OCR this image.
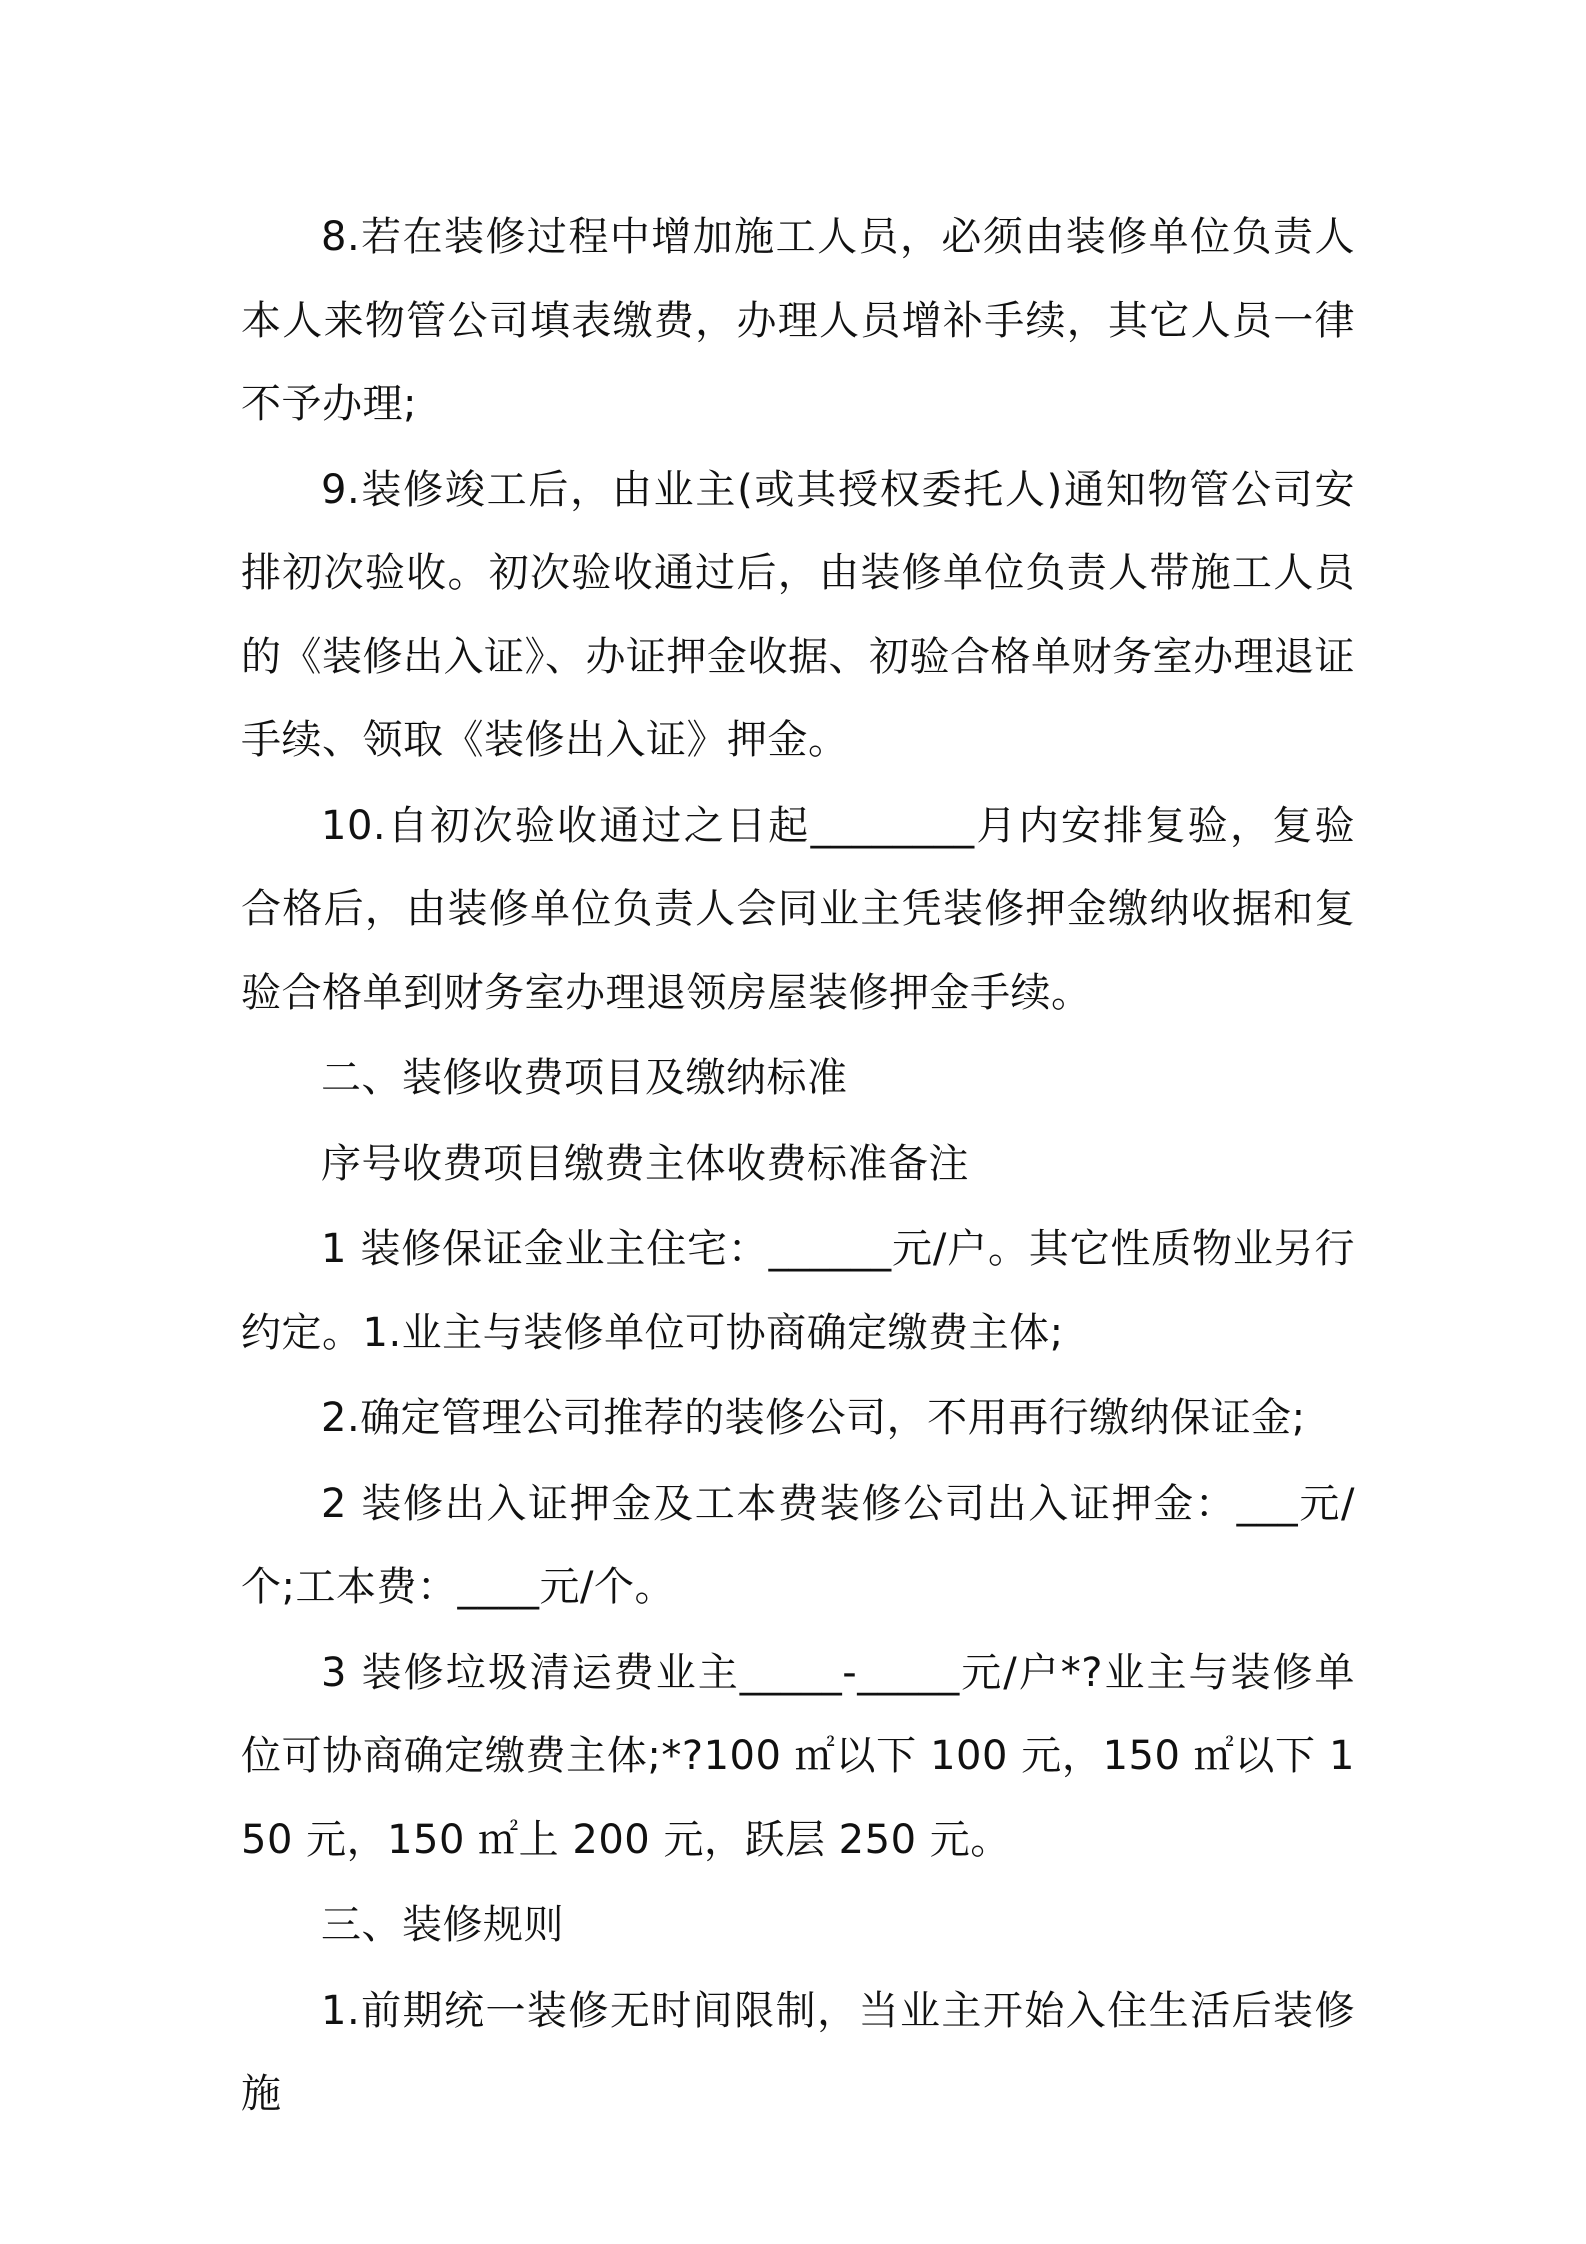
8.若在装修过程中增加施工人员，必须由装修单位负责人本人来物管公司填表缴费，办理人员增补手续，其它人员一律不予办理;

9.装修竣工后，由业主(或其授权委托人)通知物管公司安排初次验收。初次验收通过后，由装修单位负责人带施工人员的《装修出入证》、办证押金收据、初验合格单财务室办理退证手续、领取《装修出入证》押金。

10.自初次验收通过之日起________月内安排复验，复验合格后，由装修单位负责人会同业主凭装修押金缴纳收据和复验合格单到财务室办理退领房屋装修押金手续。

二、装修收费项目及缴纳标准

序号收费项目缴费主体收费标准备注

1 装修保证金业主住宅：______元/户。其它性质物业另行约定。1.业主与装修单位可协商确定缴费主体;

2.确定管理公司推荐的装修公司，不用再行缴纳保证金;

2 装修出入证押金及工本费装修公司出入证押金：___元/个;工本费：____元/个。

3 装修垃圾清运费业主_____-_____元/户*?业主与装修单位可协商确定缴费主体;*?100 ㎡以下 100 元，150 ㎡以下 150 元，150 ㎡上 200 元，跃层 250 元。

三、装修规则

1.前期统一装修无时间限制，当业主开始入住生活后装修施
